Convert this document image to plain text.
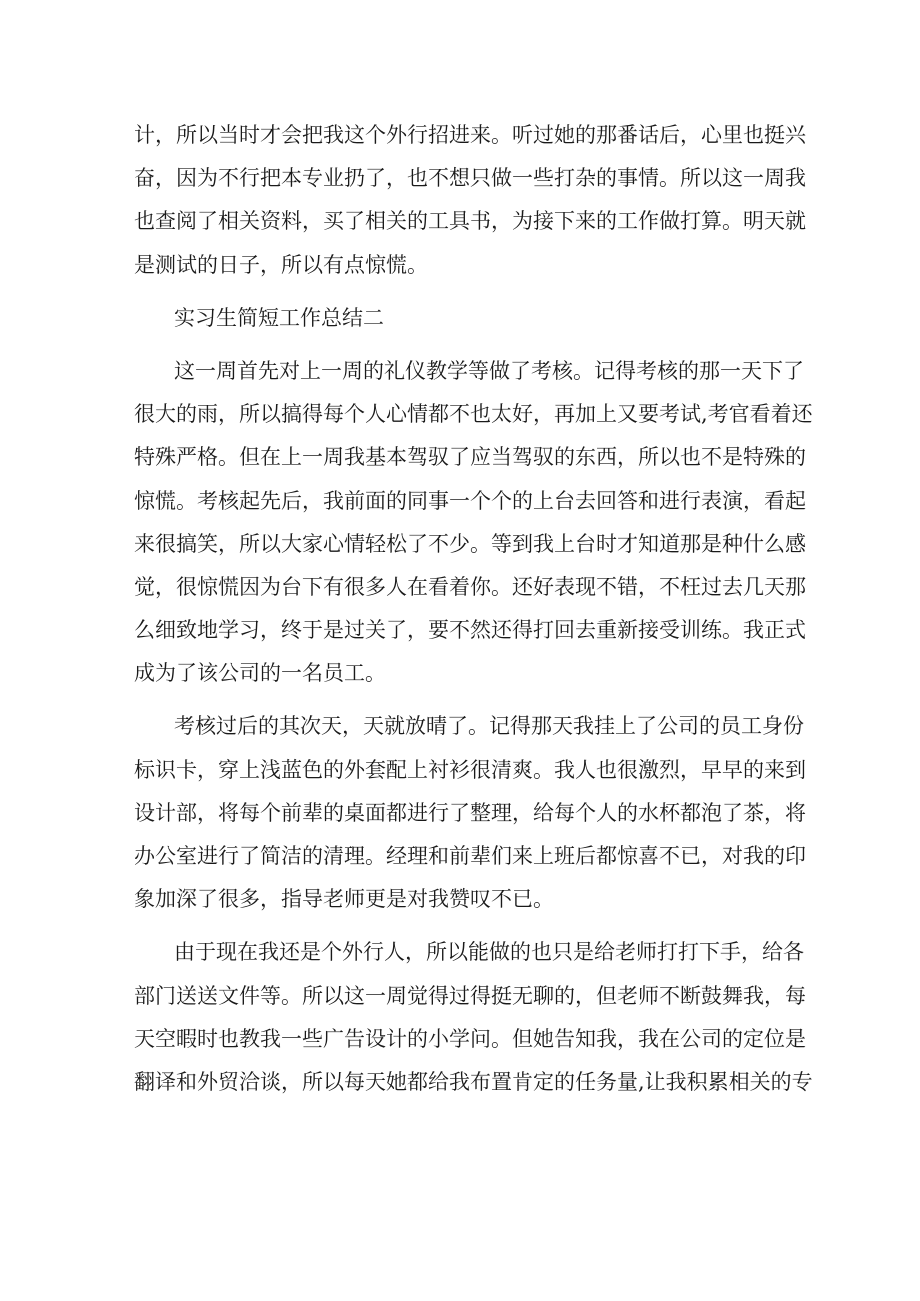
计，所以当时才会把我这个外行招进来。听过她的那番话后，心里也挺兴
奋，因为不行把本专业扔了，也不想只做一些打杂的事情。所以这一周我
也查阅了相关资料，买了相关的工具书，为接下来的工作做打算。明天就
是测试的日子，所以有点惊慌。
实习生简短工作总结二
这一周首先对上一周的礼仪教学等做了考核。记得考核的那一天下了
很大的雨，所以搞得每个人心情都不也太好，再加上又要考试,考官看着还
特殊严格。但在上一周我基本驾驭了应当驾驭的东西，所以也不是特殊的
惊慌。考核起先后，我前面的同事一个个的上台去回答和进行表演，看起
来很搞笑，所以大家心情轻松了不少。等到我上台时才知道那是种什么感
觉，很惊慌因为台下有很多人在看着你。还好表现不错，不枉过去几天那
么细致地学习，终于是过关了，要不然还得打回去重新接受训练。我正式
成为了该公司的一名员工。
考核过后的其次天，天就放晴了。记得那天我挂上了公司的员工身份
标识卡，穿上浅蓝色的外套配上衬衫很清爽。我人也很激烈，早早的来到
设计部，将每个前辈的桌面都进行了整理，给每个人的水杯都泡了茶，将
办公室进行了简洁的清理。经理和前辈们来上班后都惊喜不已，对我的印
象加深了很多，指导老师更是对我赞叹不已。
由于现在我还是个外行人，所以能做的也只是给老师打打下手，给各
部门送送文件等。所以这一周觉得过得挺无聊的，但老师不断鼓舞我，每
天空暇时也教我一些广告设计的小学问。但她告知我，我在公司的定位是
翻译和外贸洽谈，所以每天她都给我布置肯定的任务量,让我积累相关的专
